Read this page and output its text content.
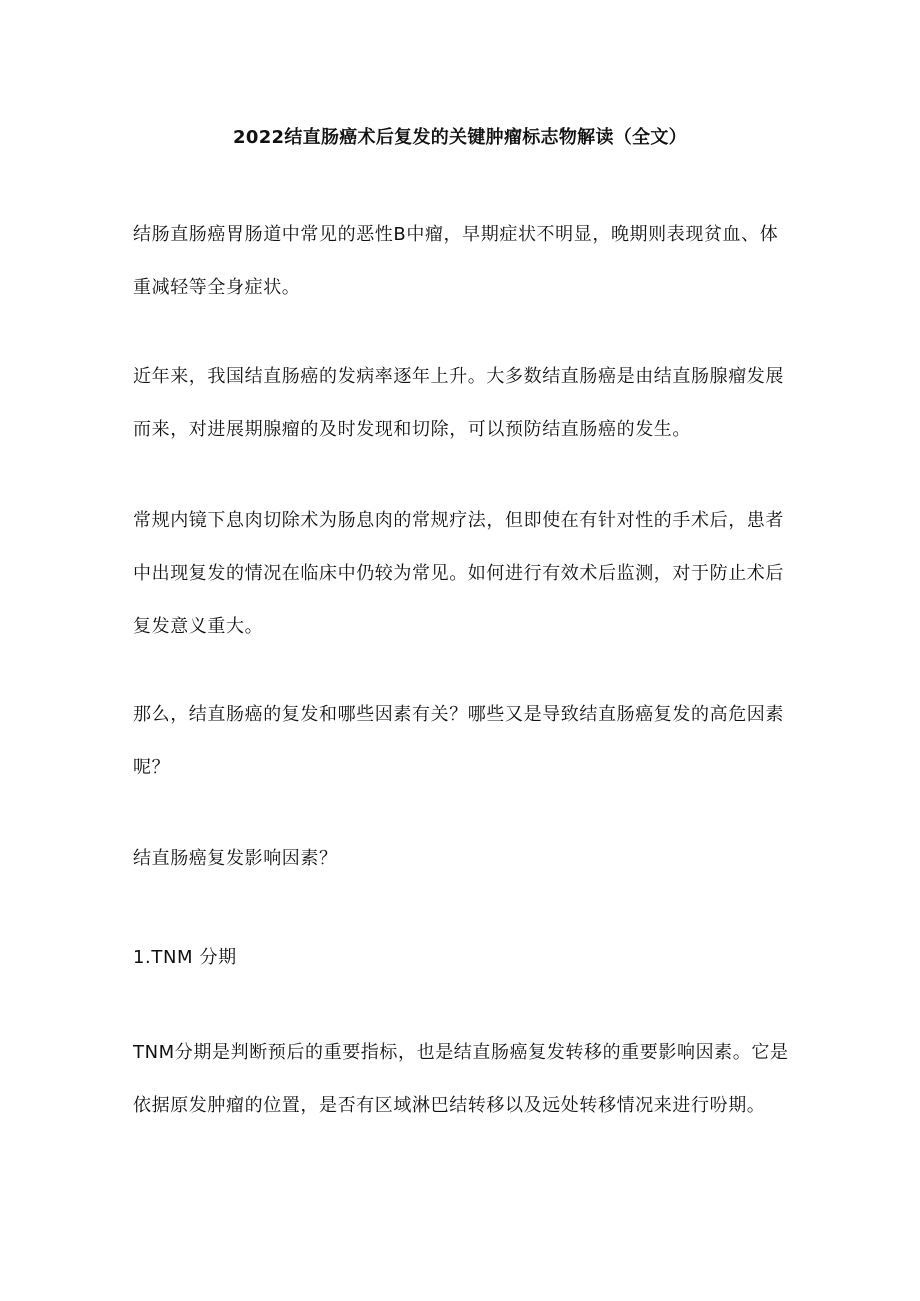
2022结直肠癌术后复发的关键肿瘤标志物解读（全文）

结肠直肠癌胃肠道中常见的恶性B中瘤，早期症状不明显，晚期则表现贫血、体重减轻等全身症状。

近年来，我国结直肠癌的发病率逐年上升。大多数结直肠癌是由结直肠腺瘤发展而来，对进展期腺瘤的及时发现和切除，可以预防结直肠癌的发生。

常规内镜下息肉切除术为肠息肉的常规疗法，但即使在有针对性的手术后，患者中出现复发的情况在临床中仍较为常见。如何进行有效术后监测，对于防止术后复发意义重大。

那么，结直肠癌的复发和哪些因素有关？哪些又是导致结直肠癌复发的高危因素呢？

结直肠癌复发影响因素？

1.TNM 分期

TNM分期是判断预后的重要指标，也是结直肠癌复发转移的重要影响因素。它是依据原发肿瘤的位置，是否有区域淋巴结转移以及远处转移情况来进行吩期。
